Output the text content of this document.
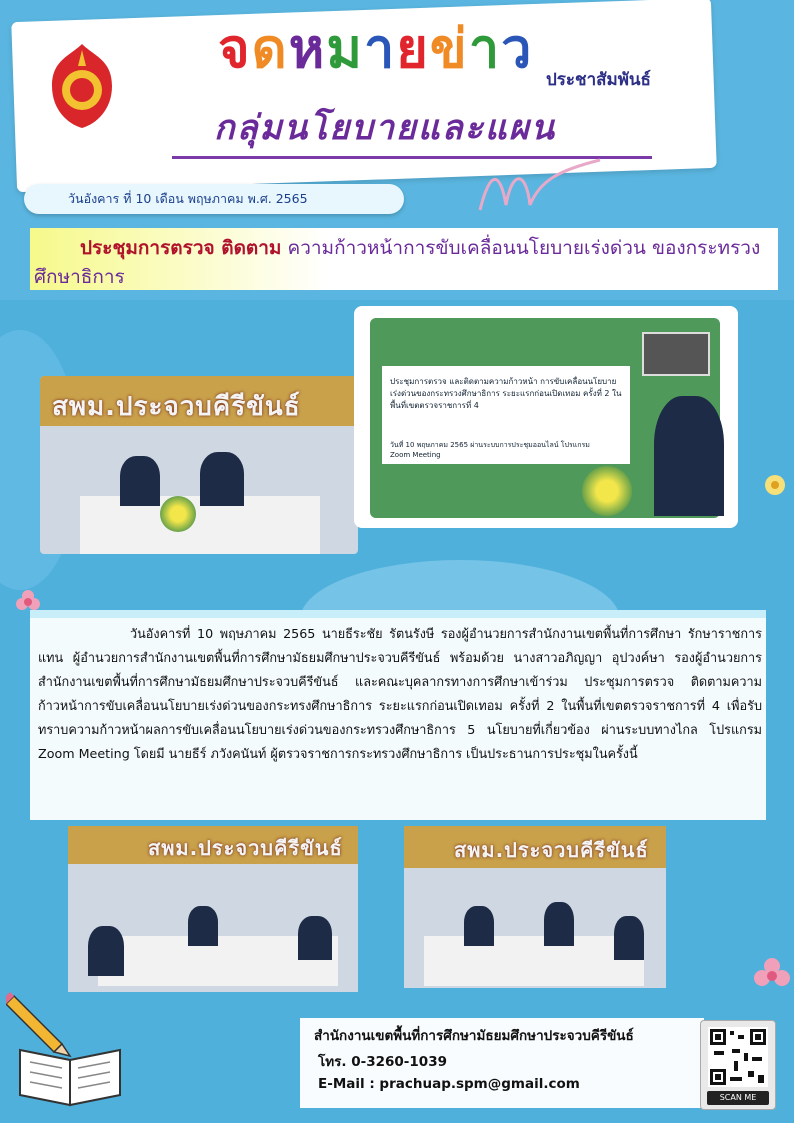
จดหมายข่าว ประชาสัมพันธ์
กลุ่มนโยบายและแผน
วันอังคาร ที่ 10 เดือน พฤษภาคม พ.ศ. 2565
ประชุมการตรวจ ติดตาม ความก้าวหน้าการขับเคลื่อนนโยบายเร่งด่วน ของกระทรวงศึกษาธิการ
สพม.ประจวบคีรีขันธ์
ประชุมการตรวจ และติดตามความก้าวหน้า การขับเคลื่อนนโยบายเร่งด่วนของกระทรวงศึกษาธิการ ระยะแรกก่อนเปิดเทอม ครั้งที่ 2 ในพื้นที่เขตตรวจราชการที่ 4
วันที่ 10 พฤษภาคม 2565 ผ่านระบบการประชุมออนไลน์ โปรแกรม Zoom Meeting
วันอังคารที่ 10 พฤษภาคม 2565 นายธีระชัย รัตนรังษี รองผู้อำนวยการสำนักงานเขตพื้นที่การศึกษา รักษาราชการแทน ผู้อำนวยการสำนักงานเขตพื้นที่การศึกษามัธยมศึกษาประจวบคีรีขันธ์ พร้อมด้วย นางสาวอภิญญา อุปวงค์ษา รองผู้อำนวยการสำนักงานเขตพื้นที่การศึกษามัธยมศึกษาประจวบคีรีขันธ์ และคณะบุคลากรทางการศึกษาเข้าร่วม ประชุมการตรวจ ติดตามความก้าวหน้าการขับเคลื่อนนโยบายเร่งด่วนของกระทรงศึกษาธิการ ระยะแรกก่อนเปิดเทอม ครั้งที่ 2 ในพื้นที่เขตตรวจราชการที่ 4 เพื่อรับทราบความก้าวหน้าผลการขับเคลื่อนนโยบายเร่งด่วนของกระทรวงศึกษาธิการ 5 นโยบายที่เกี่ยวข้อง ผ่านระบบทางไกล โปรแกรม Zoom Meeting โดยมี นายธีร์ ภวังคนันท์ ผู้ตรวจราชการกระทรวงศึกษาธิการ เป็นประธานการประชุมในครั้งนี้
สพม.ประจวบคีรีขันธ์	สพม.ประจวบคีรีขันธ์
สำนักงานเขตพื้นที่การศึกษามัธยมศึกษาประจวบคีรีขันธ์
โทร. 0-3260-1039
E-Mail : prachuap.spm@gmail.com
SCAN ME
